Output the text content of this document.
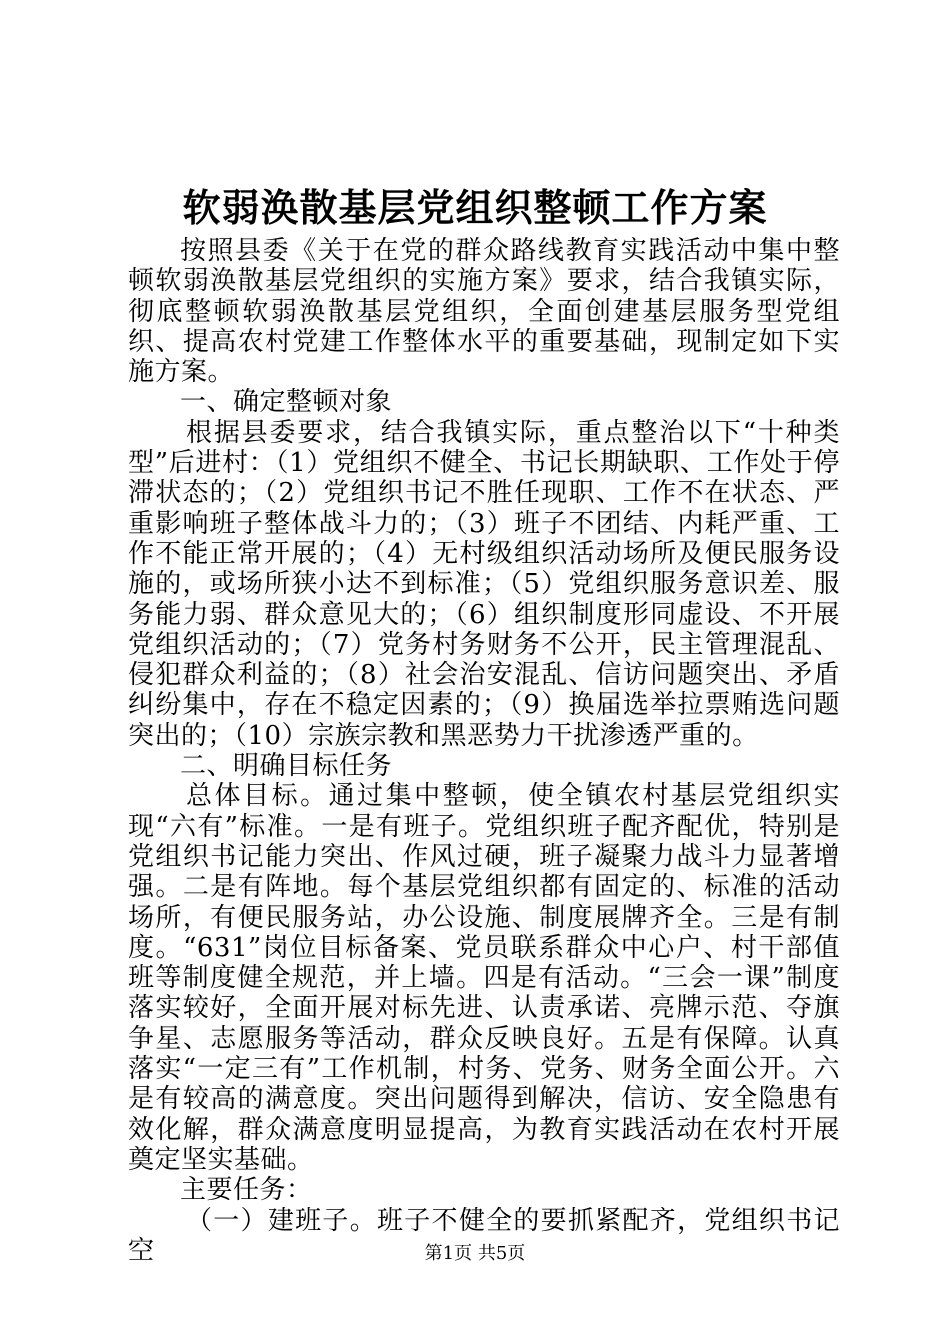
软弱涣散基层党组织整顿工作方案

按照县委《关于在党的群众路线教育实践活动中集中整顿软弱涣散基层党组织的实施方案》要求，结合我镇实际，彻底整顿软弱涣散基层党组织，全面创建基层服务型党组织、提高农村党建工作整体水平的重要基础，现制定如下实施方案。

一、确定整顿对象

根据县委要求，结合我镇实际，重点整治以下“十种类型”后进村：（1）党组织不健全、书记长期缺职、工作处于停滞状态的；（2）党组织书记不胜任现职、工作不在状态、严重影响班子整体战斗力的；（3）班子不团结、内耗严重、工作不能正常开展的；（4）无村级组织活动场所及便民服务设施的，或场所狭小达不到标准；（5）党组织服务意识差、服务能力弱、群众意见大的；（6）组织制度形同虚设、不开展党组织活动的；（7）党务村务财务不公开，民主管理混乱、侵犯群众利益的；（8）社会治安混乱、信访问题突出、矛盾纠纷集中，存在不稳定因素的；（9）换届选举拉票贿选问题突出的；（10）宗族宗教和黑恶势力干扰渗透严重的。

二、明确目标任务

总体目标。通过集中整顿，使全镇农村基层党组织实现“六有”标准。一是有班子。党组织班子配齐配优，特别是党组织书记能力突出、作风过硬，班子凝聚力战斗力显著增强。二是有阵地。每个基层党组织都有固定的、标准的活动场所，有便民服务站，办公设施、制度展牌齐全。三是有制度。“631”岗位目标备案、党员联系群众中心户、村干部值班等制度健全规范，并上墙。四是有活动。“三会一课”制度落实较好，全面开展对标先进、认责承诺、亮牌示范、夺旗争星、志愿服务等活动，群众反映良好。五是有保障。认真落实“一定三有”工作机制，村务、党务、财务全面公开。六是有较高的满意度。突出问题得到解决，信访、安全隐患有效化解，群众满意度明显提高，为教育实践活动在农村开展奠定坚实基础。

主要任务：

（一）建班子。班子不健全的要抓紧配齐，党组织书记空	第1页 共5页
